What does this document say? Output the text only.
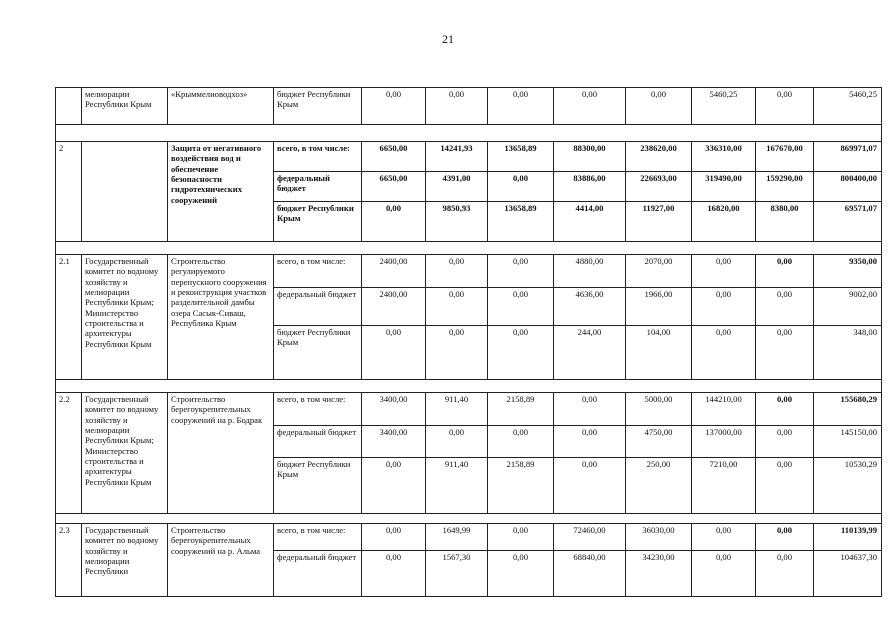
21
	мелиорации Республики Крым	«Крыммелиоводхоз»	бюджет Республики Крым	0,00	0,00	0,00	0,00	0,00	5460,25	0,00	5460,25

2		Защита от негативного воздействия вод и обеспечение безопасности гидротехнических сооружений	всего, в том числе:	6650,00	14241,93	13658,89	88300,00	238620,00	336310,00	167670,00	869971,07
			федеральный бюджет	6650,00	4391,00	0,00	83886,00	226693,00	319490,00	159290,00	800400,00
			бюджет Республики Крым	0,00	9850,93	13658,89	4414,00	11927,00	16820,00	8380,00	69571,07

2.1	Государственный комитет по водному хозяйству и мелиорации Республики Крым; Министерство строительства и архитектуры Республики Крым	Строительство регулируемого перепускного сооружения и реконструкция участков разделительной дамбы озера Сасык-Сиваш, Республика Крым	всего, в том числе:	2400,00	0,00	0,00	4880,00	2070,00	0,00	0,00	9350,00
			федеральный бюджет	2400,00	0,00	0,00	4636,00	1966,00	0,00	0,00	9002,00
			бюджет Республики Крым	0,00	0,00	0,00	244,00	104,00	0,00	0,00	348,00

2.2	Государственный комитет по водному хозяйству и мелиорации Республики Крым; Министерство строительства и архитектуры Республики Крым	Строительство берегоукрепительных сооружений на р. Бодрак	всего, в том числе:	3400,00	911,40	2158,89	0,00	5000,00	144210,00	0,00	155680,29
			федеральный бюджет	3400,00	0,00	0,00	0,00	4750,00	137000,00	0,00	145150,00
			бюджет Республики Крым	0,00	911,40	2158,89	0,00	250,00	7210,00	0,00	10530,29

2.3	Государственный комитет по водному хозяйству и мелиорации Республики	Строительство берегоукрепительных сооружений на р. Альма	всего, в том числе:	0,00	1649,99	0,00	72460,00	36030,00	0,00	0,00	110139,99
			федеральный бюджет	0,00	1567,30	0,00	68840,00	34230,00	0,00	0,00	104637,30
